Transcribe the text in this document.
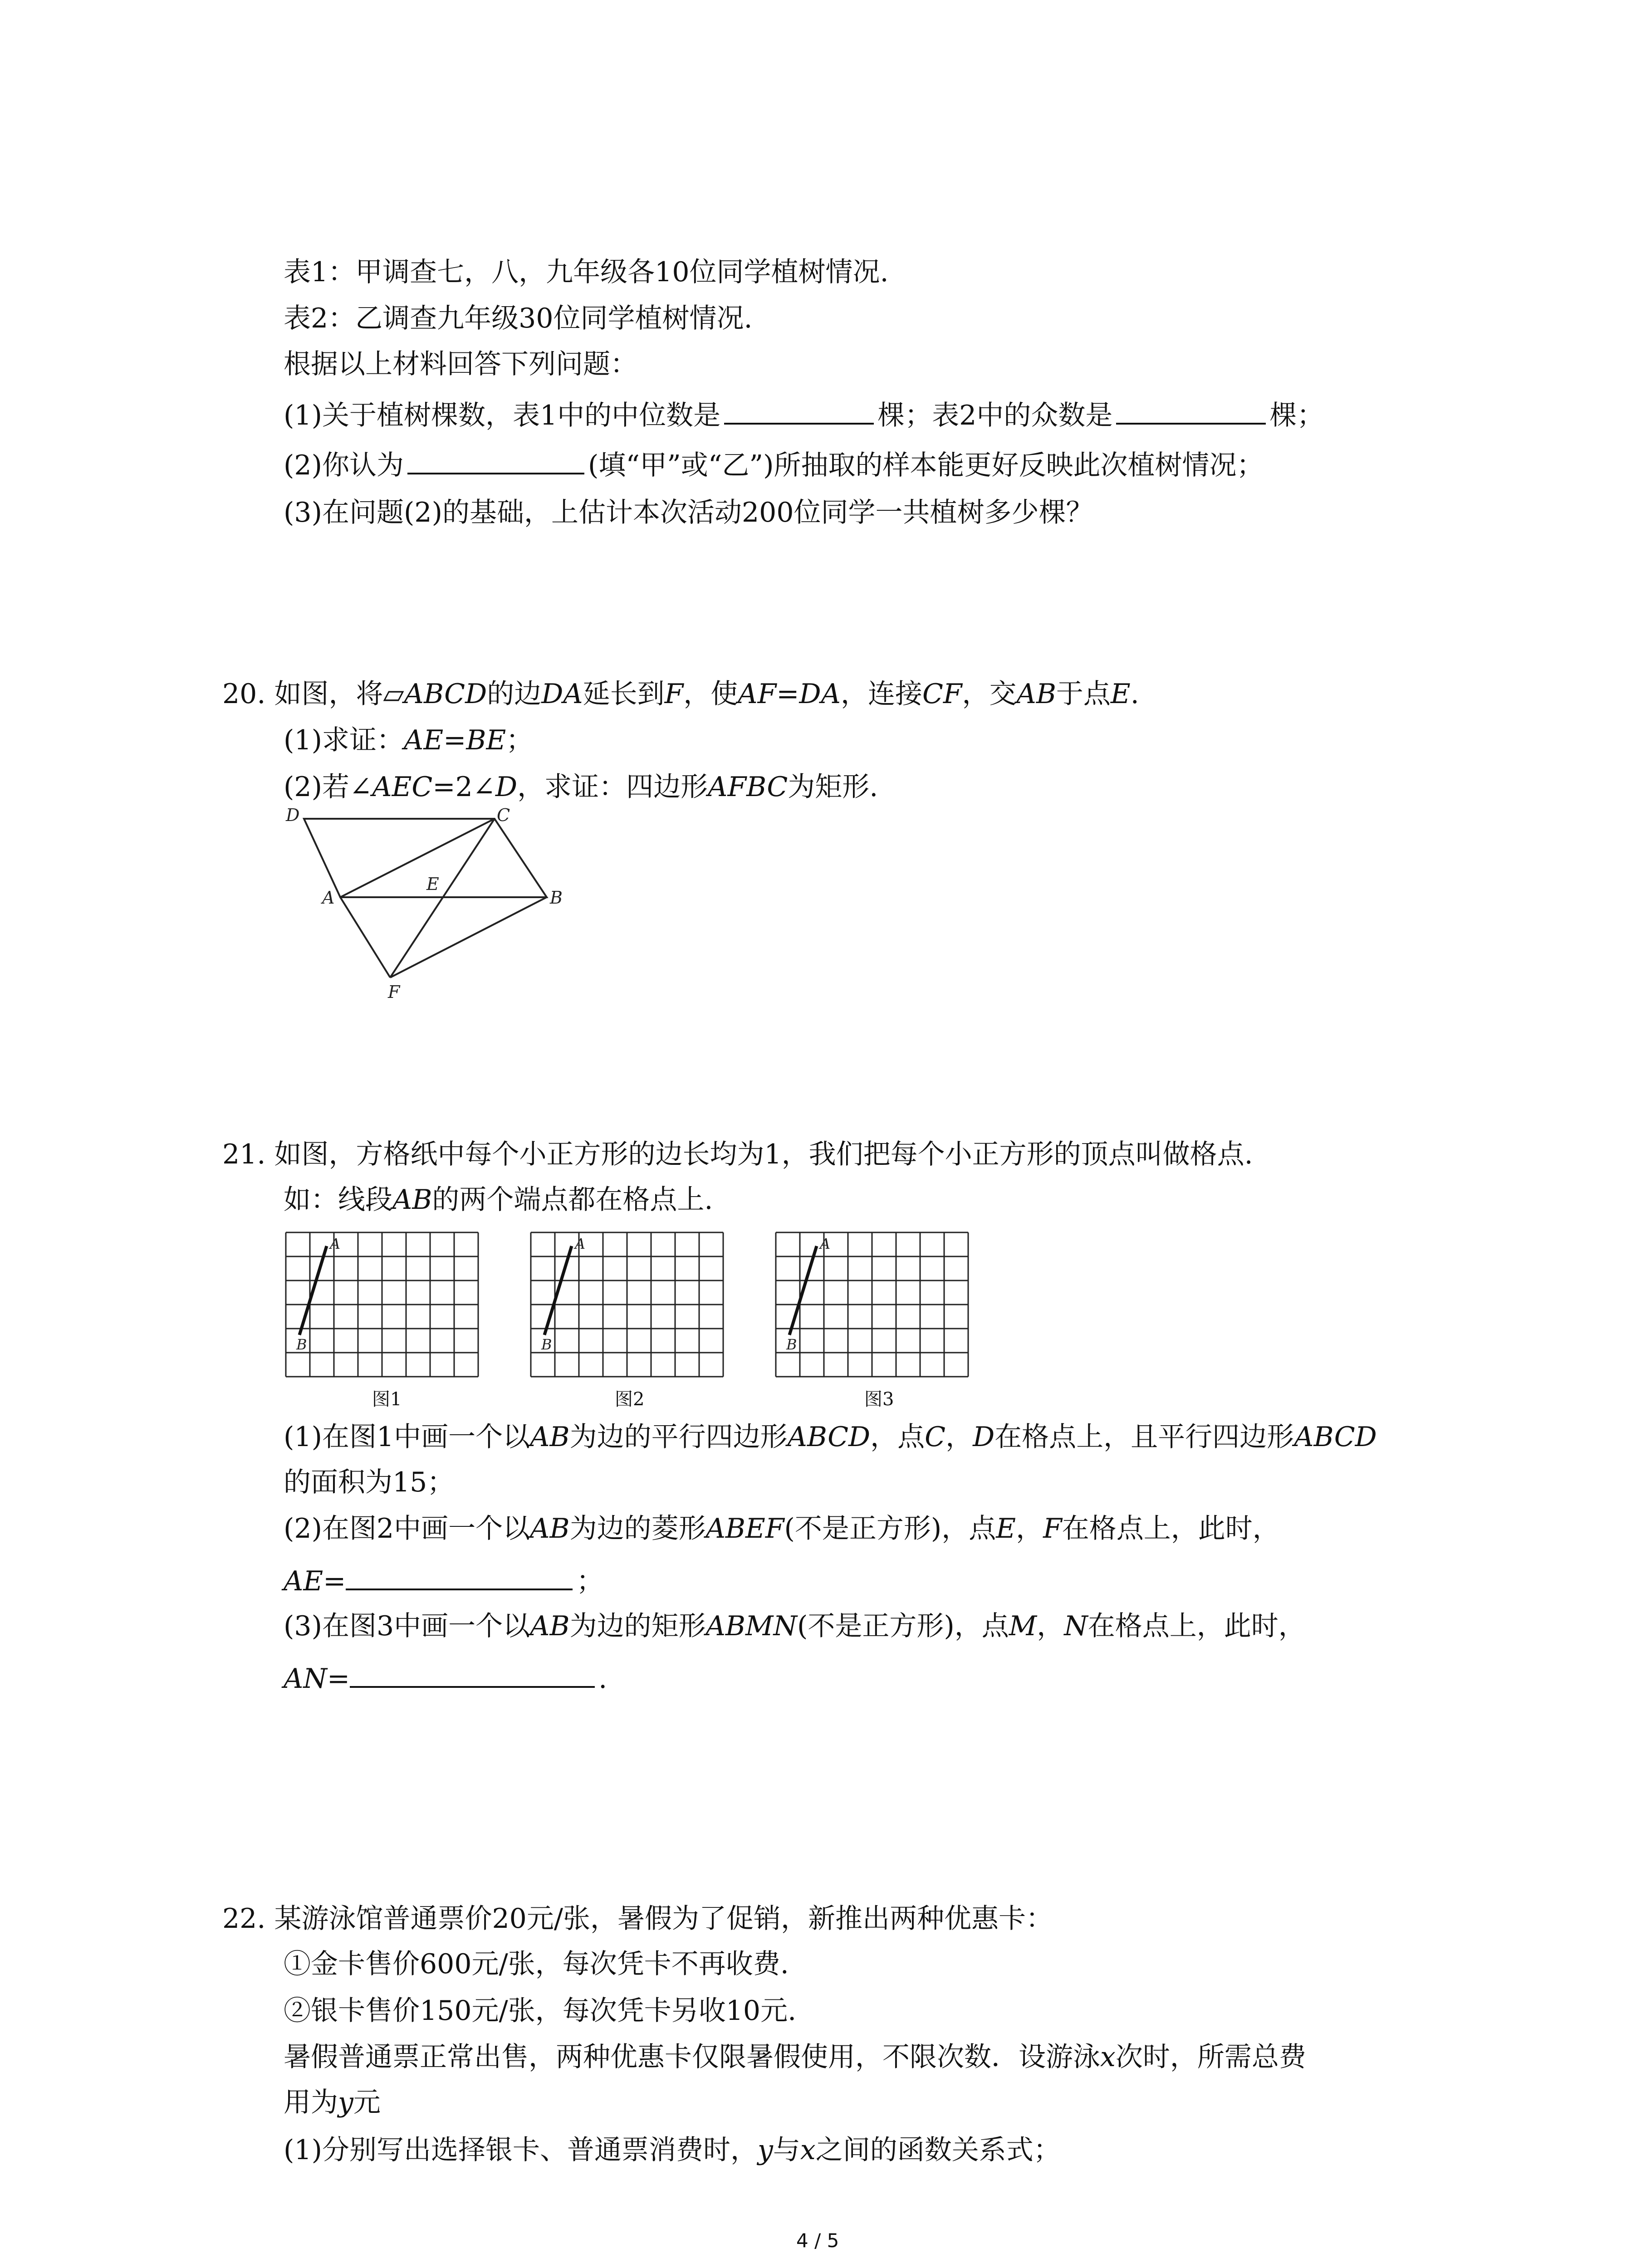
表1：甲调查七，八，九年级各10位同学植树情况.
表2：乙调查九年级30位同学植树情况.
根据以上材料回答下列问题：
(1)关于植树棵数，表1中的中位数是	棵；表2中的众数是	棵；
(2)你认为	(填“甲”或“乙”)所抽取的样本能更好反映此次植树情况；
(3)在问题(2)的基础，上估计本次活动200位同学一共植树多少棵？
20. 如图，将▱ABCD的边DA延长到F，使AF=DA，连接CF，交AB于点E.
(1)求证：AE=BE；
(2)若∠AEC=2∠D，求证：四边形AFBC为矩形.
D	C
A
E
B
F
21. 如图，方格纸中每个小正方形的边长均为1，我们把每个小正方形的顶点叫做格点.
如：线段AB的两个端点都在格点上.
A
B
A
B
A
B
图1	图2	图3
(1)在图1中画一个以AB为边的平行四边形ABCD，点C，D在格点上，且平行四边形ABCD
的面积为15；
(2)在图2中画一个以AB为边的菱形ABEF(不是正方形)，点E，F在格点上，此时，
AE=	；
(3)在图3中画一个以AB为边的矩形ABMN(不是正方形)，点M，N在格点上，此时，
AN=	.
22. 某游泳馆普通票价20元/张，暑假为了促销，新推出两种优惠卡：
①金卡售价600元/张，每次凭卡不再收费.
②银卡售价150元/张，每次凭卡另收10元.
暑假普通票正常出售，两种优惠卡仅限暑假使用，不限次数．设游泳x次时，所需总费
用为y元
(1)分别写出选择银卡、普通票消费时，y与x之间的函数关系式；
4 / 5
